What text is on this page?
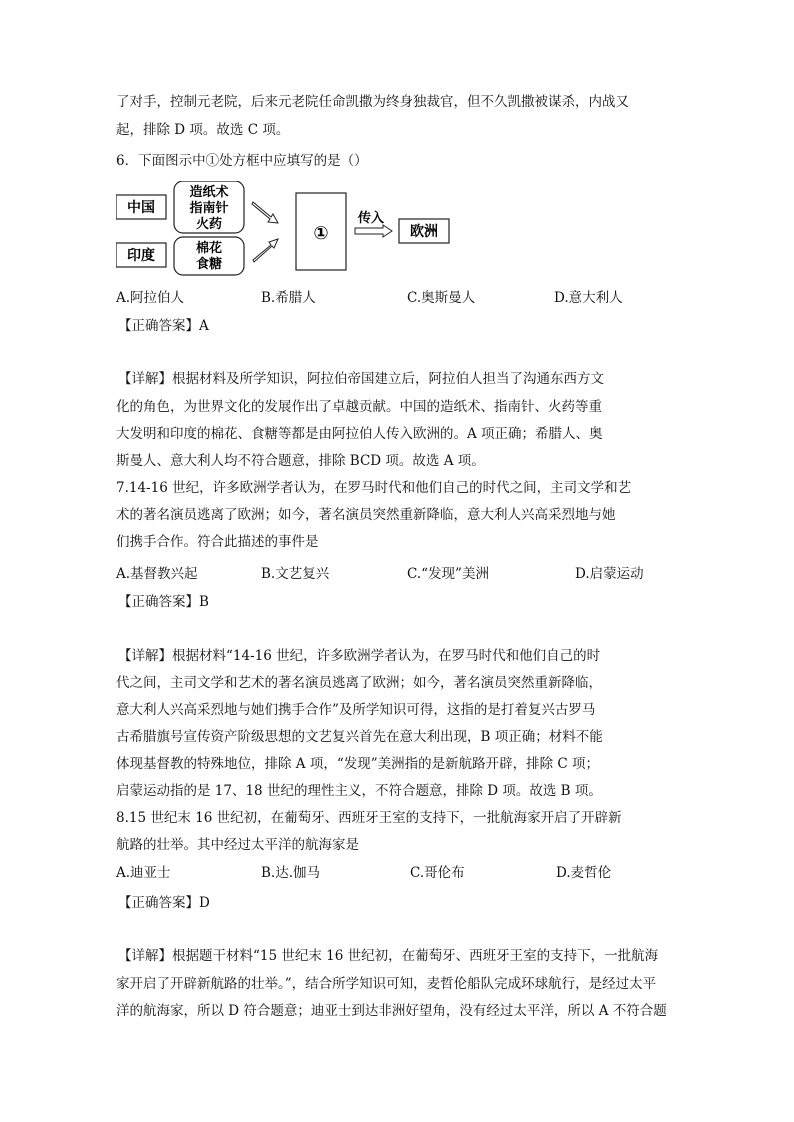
了对手，控制元老院，后来元老院任命凯撒为终身独裁官，但不久凯撒被谋杀，内战又
起，排除 D 项。故选 C 项。
6．下面图示中①处方框中应填写的是（）
中国
造纸术
指南针
火药
印度	棉花
食糖
①
传入
欧洲
A.阿拉伯人	B.希腊人	C.奥斯曼人	D.意大利人
【正确答案】A
【详解】根据材料及所学知识，阿拉伯帝国建立后，阿拉伯人担当了沟通东西方文
化的角色，为世界文化的发展作出了卓越贡献。中国的造纸术、指南针、火药等重
大发明和印度的棉花、食糖等都是由阿拉伯人传入欧洲的。A 项正确；希腊人、奥
斯曼人、意大利人均不符合题意，排除 BCD 项。故选 A 项。
7.14-16 世纪，许多欧洲学者认为，在罗马时代和他们自己的时代之间，主司文学和艺
术的著名演员逃离了欧洲；如今，著名演员突然重新降临，意大利人兴高采烈地与她
们携手合作。符合此描述的事件是
A.基督教兴起	B.文艺复兴	C.“发现”美洲	D.启蒙运动
【正确答案】B
【详解】根据材料“14-16 世纪，许多欧洲学者认为，在罗马时代和他们自己的时
代之间，主司文学和艺术的著名演员逃离了欧洲；如今，著名演员突然重新降临，
意大利人兴高采烈地与她们携手合作”及所学知识可得，这指的是打着复兴古罗马
古希腊旗号宣传资产阶级思想的文艺复兴首先在意大利出现，B 项正确；材料不能
体现基督教的特殊地位，排除 A 项，“发现”美洲指的是新航路开辟，排除 C 项；
启蒙运动指的是 17、18 世纪的理性主义，不符合题意，排除 D 项。故选 B 项。
8.15 世纪末 16 世纪初，在葡萄牙、西班牙王室的支持下，一批航海家开启了开辟新
航路的壮举。其中经过太平洋的航海家是
A.迪亚士	B.达.伽马	C.哥伦布	D.麦哲伦
【正确答案】D
【详解】根据题干材料“15 世纪末 16 世纪初，在葡萄牙、西班牙王室的支持下，一批航海
家开启了开辟新航路的壮举。”，结合所学知识可知，麦哲伦船队完成环球航行，是经过太平
洋的航海家，所以 D 符合题意；迪亚士到达非洲好望角，没有经过太平洋，所以 A 不符合题
